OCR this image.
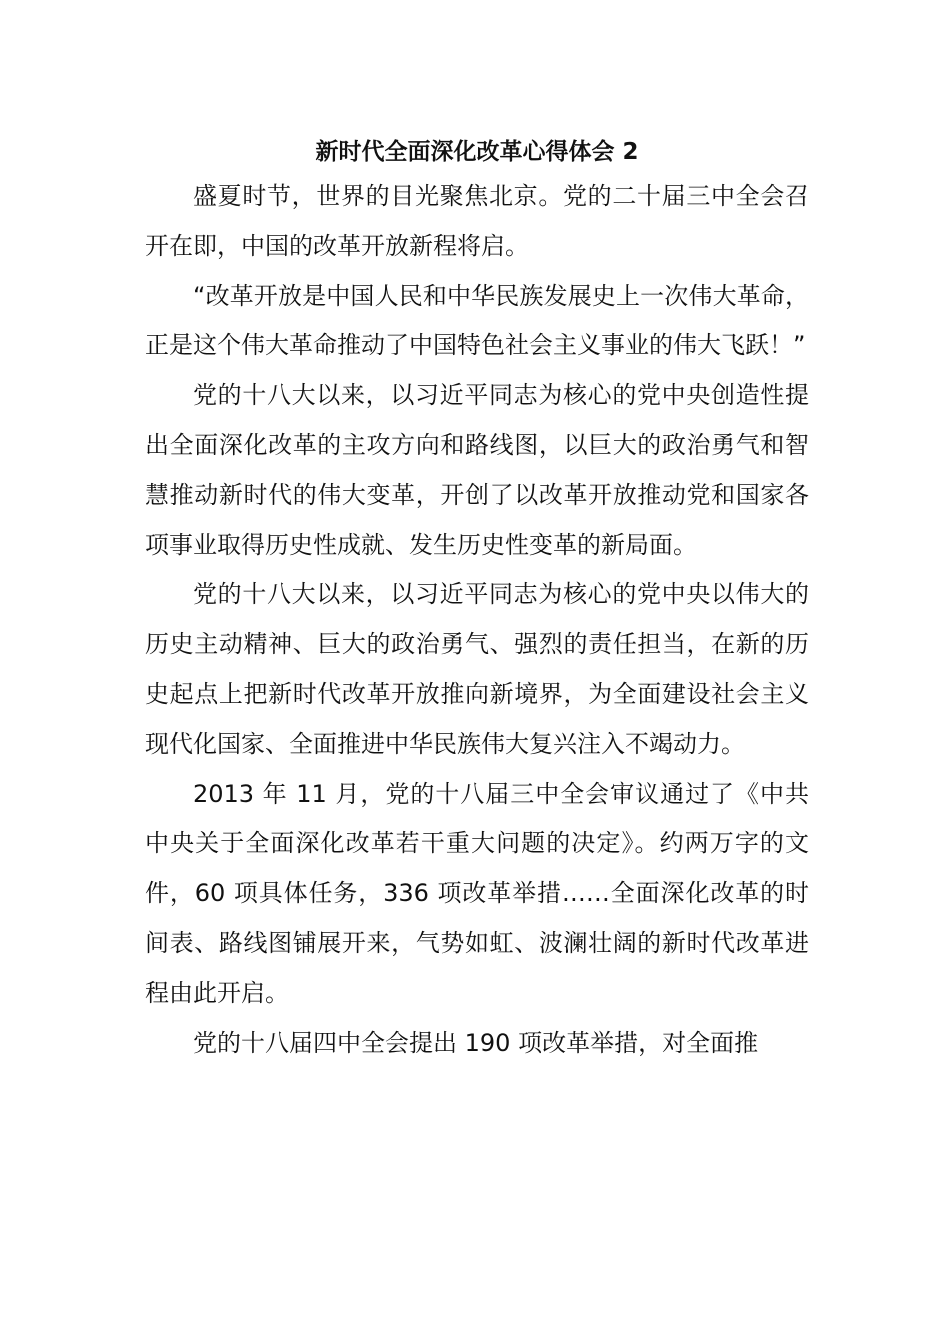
新时代全面深化改革心得体会 2

盛夏时节，世界的目光聚焦北京。党的二十届三中全会召开在即，中国的改革开放新程将启。

“改革开放是中国人民和中华民族发展史上一次伟大革命，正是这个伟大革命推动了中国特色社会主义事业的伟大飞跃！”

党的十八大以来，以习近平同志为核心的党中央创造性提出全面深化改革的主攻方向和路线图，以巨大的政治勇气和智慧推动新时代的伟大变革，开创了以改革开放推动党和国家各项事业取得历史性成就、发生历史性变革的新局面。

党的十八大以来，以习近平同志为核心的党中央以伟大的历史主动精神、巨大的政治勇气、强烈的责任担当，在新的历史起点上把新时代改革开放推向新境界，为全面建设社会主义现代化国家、全面推进中华民族伟大复兴注入不竭动力。

2013 年 11 月，党的十八届三中全会审议通过了《中共中央关于全面深化改革若干重大问题的决定》。约两万字的文件，60 项具体任务，336 项改革举措……全面深化改革的时间表、路线图铺展开来，气势如虹、波澜壮阔的新时代改革进程由此开启。

党的十八届四中全会提出 190 项改革举措，对全面推
